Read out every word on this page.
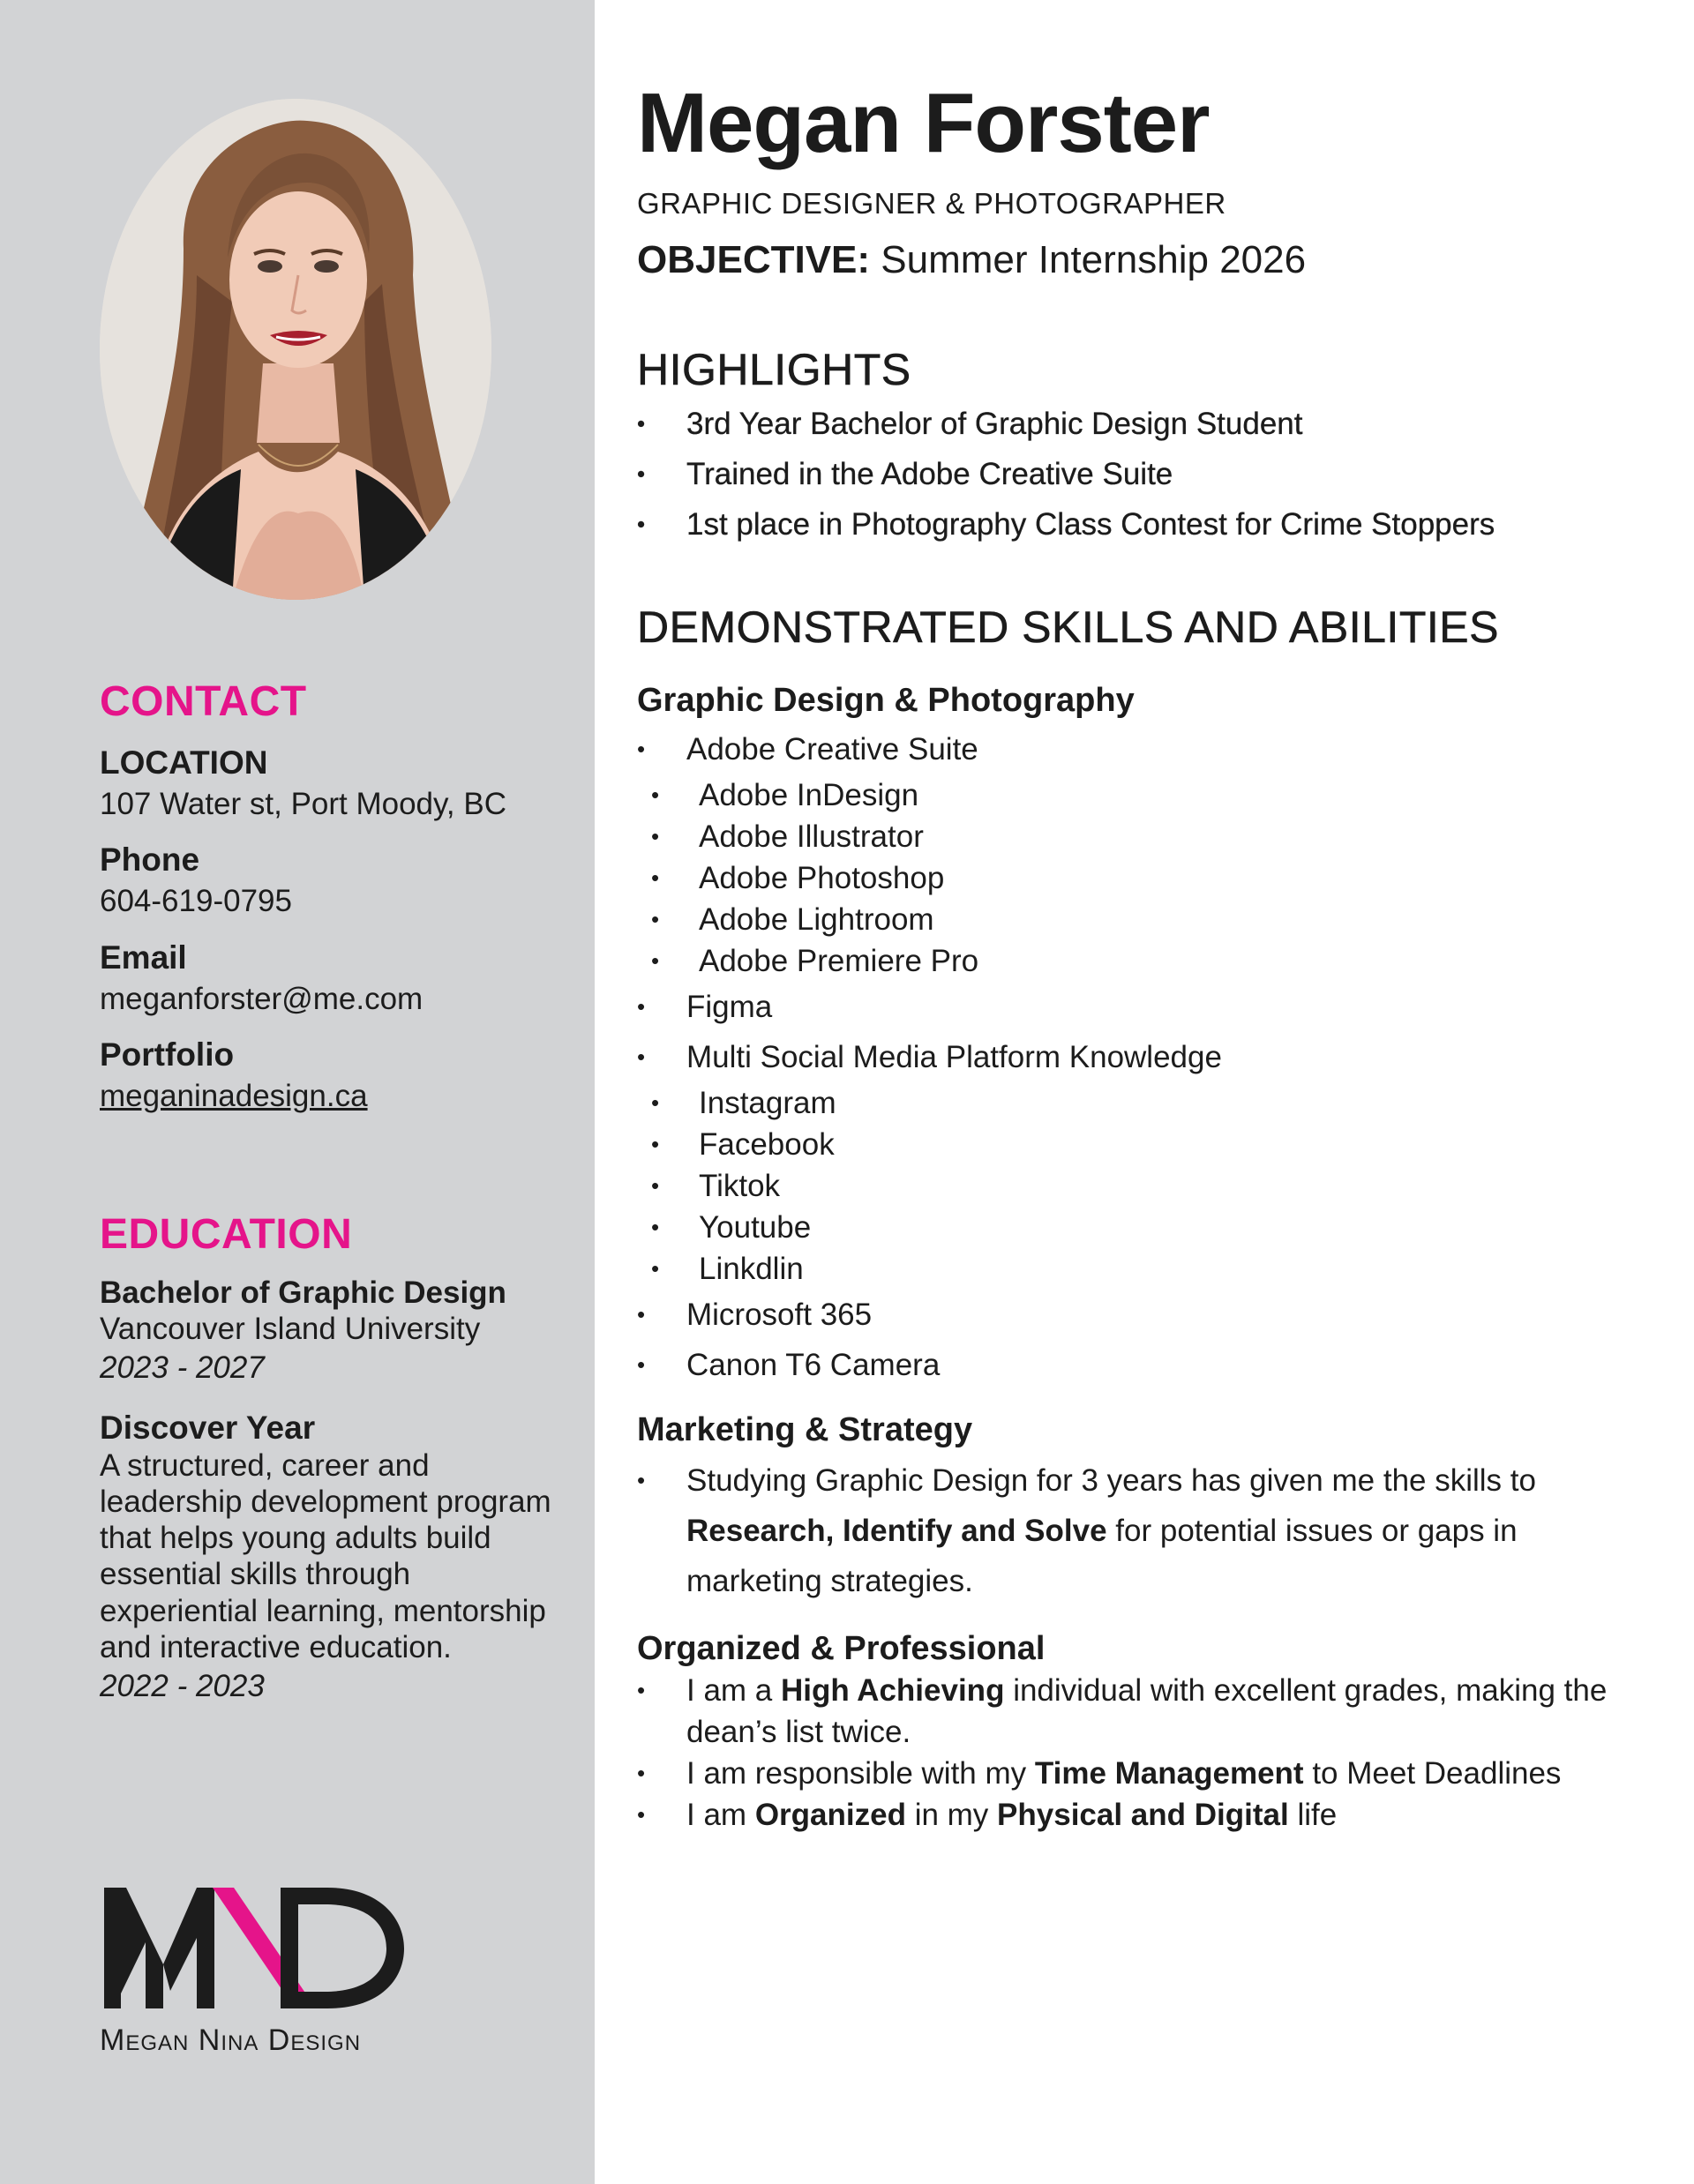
CONTACT
LOCATION
107 Water st, Port Moody, BC
Phone
604-619-0795
Email
meganforster@me.com
Portfolio
meganinadesign.ca
EDUCATION
Bachelor of Graphic Design
Vancouver Island University
2023 - 2027
Discover Year
A structured, career and leadership development program that helps young adults build essential skills through experiential learning, mentorship and interactive education.
2022 - 2023
Megan Nina Design
Megan Forster
GRAPHIC DESIGNER & PHOTOGRAPHER
OBJECTIVE: Summer Internship 2026
HIGHLIGHTS
• 3rd Year Bachelor of Graphic Design Student
• Trained in the Adobe Creative Suite
• 1st place in Photography Class Contest for Crime Stoppers
DEMONSTRATED SKILLS AND ABILITIES
Graphic Design & Photography
• Adobe Creative Suite
• Adobe InDesign
• Adobe Illustrator
• Adobe Photoshop
• Adobe Lightroom
• Adobe Premiere Pro
• Figma
• Multi Social Media Platform Knowledge
• Instagram
• Facebook
• Tiktok
• Youtube
• Linkdlin
• Microsoft 365
• Canon T6 Camera
Marketing & Strategy
• Studying Graphic Design for 3 years has given me the skills to Research, Identify and Solve for potential issues or gaps in marketing strategies.
Organized & Professional
• I am a High Achieving individual with excellent grades, making the dean’s list twice.
• I am responsible with my Time Management to Meet Deadlines
• I am Organized in my Physical and Digital life
